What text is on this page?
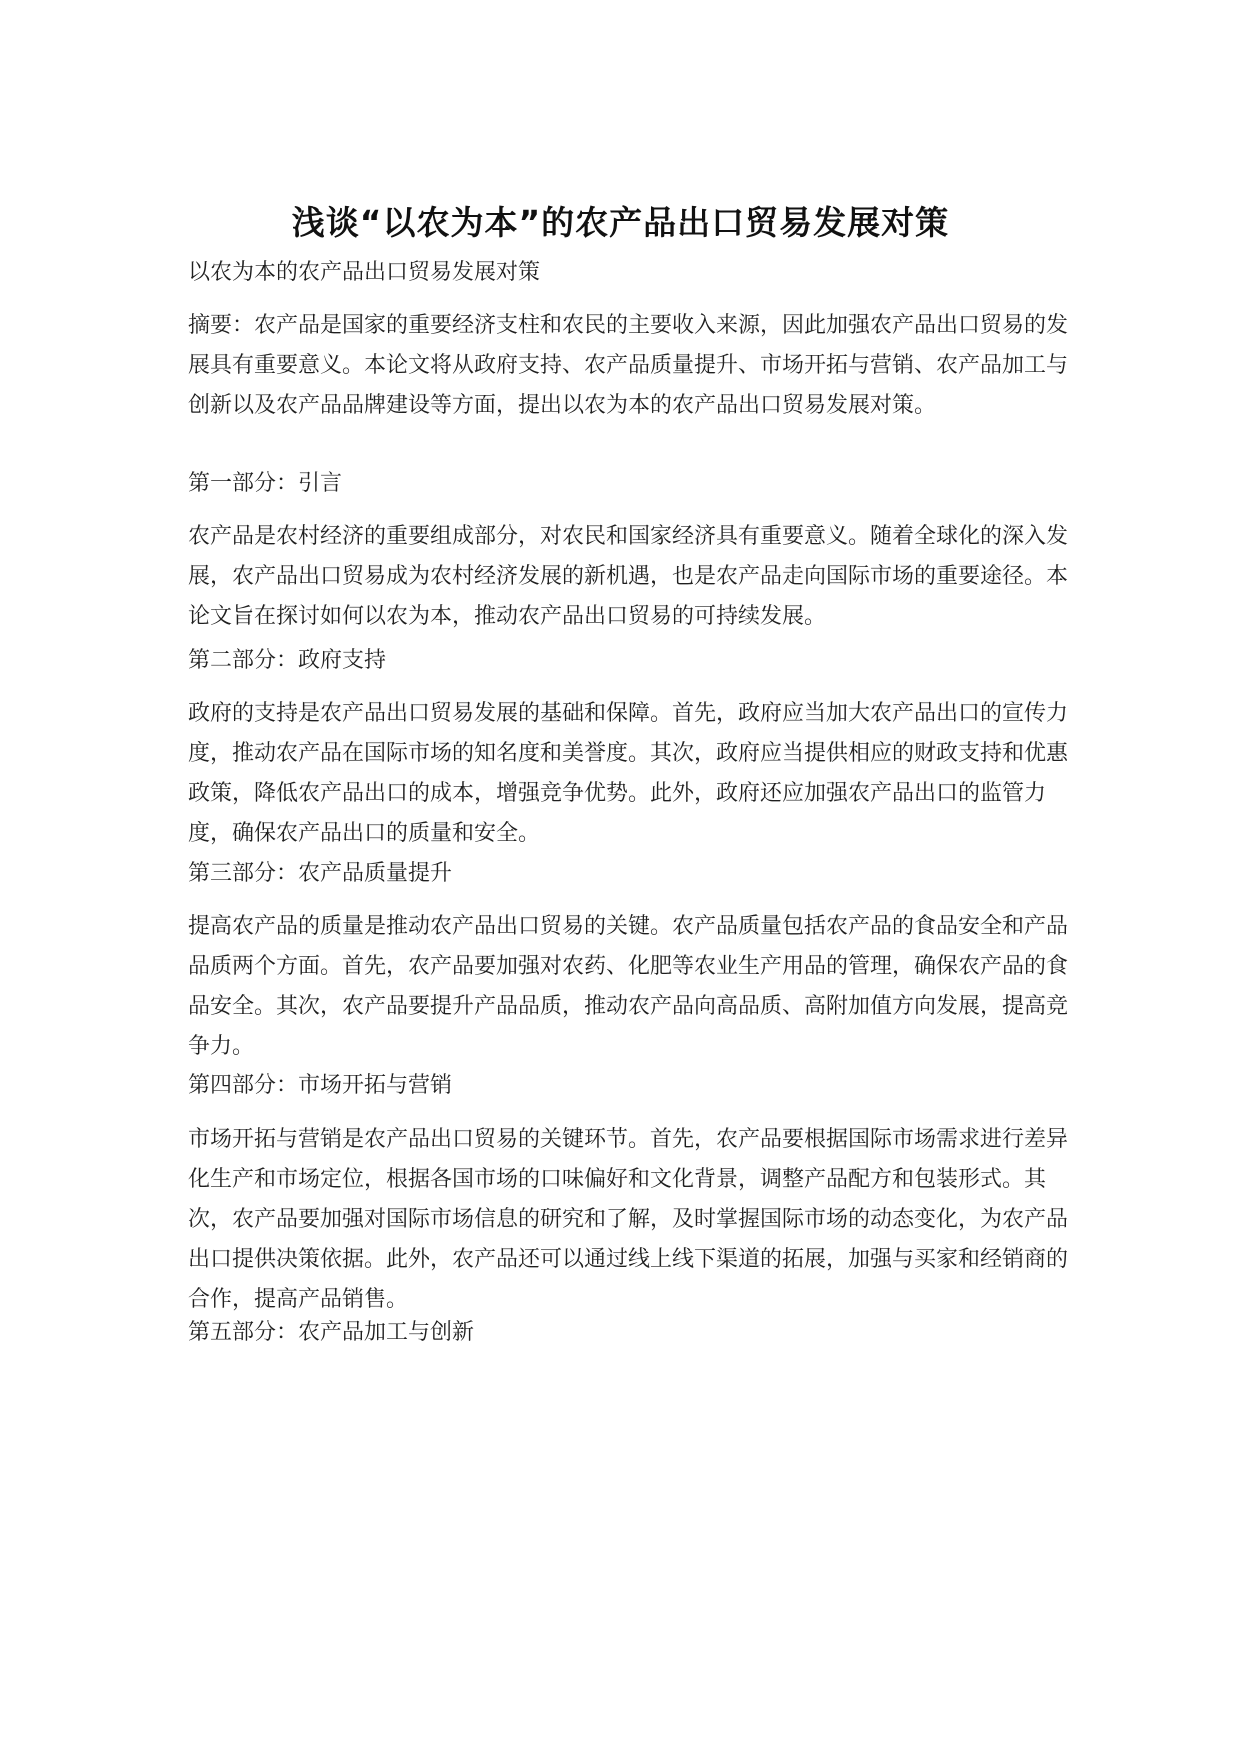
浅谈“以农为本”的农产品出口贸易发展对策

以农为本的农产品出口贸易发展对策

摘要：农产品是国家的重要经济支柱和农民的主要收入来源，因此加强农产品出口贸易的发展具有重要意义。本论文将从政府支持、农产品质量提升、市场开拓与营销、农产品加工与创新以及农产品品牌建设等方面，提出以农为本的农产品出口贸易发展对策。

第一部分：引言

农产品是农村经济的重要组成部分，对农民和国家经济具有重要意义。随着全球化的深入发展，农产品出口贸易成为农村经济发展的新机遇，也是农产品走向国际市场的重要途径。本论文旨在探讨如何以农为本，推动农产品出口贸易的可持续发展。

第二部分：政府支持

政府的支持是农产品出口贸易发展的基础和保障。首先，政府应当加大农产品出口的宣传力度，推动农产品在国际市场的知名度和美誉度。其次，政府应当提供相应的财政支持和优惠政策，降低农产品出口的成本，增强竞争优势。此外，政府还应加强农产品出口的监管力度，确保农产品出口的质量和安全。

第三部分：农产品质量提升

提高农产品的质量是推动农产品出口贸易的关键。农产品质量包括农产品的食品安全和产品品质两个方面。首先，农产品要加强对农药、化肥等农业生产用品的管理，确保农产品的食品安全。其次，农产品要提升产品品质，推动农产品向高品质、高附加值方向发展，提高竞争力。

第四部分：市场开拓与营销

市场开拓与营销是农产品出口贸易的关键环节。首先，农产品要根据国际市场需求进行差异化生产和市场定位，根据各国市场的口味偏好和文化背景，调整产品配方和包装形式。其次，农产品要加强对国际市场信息的研究和了解，及时掌握国际市场的动态变化，为农产品出口提供决策依据。此外，农产品还可以通过线上线下渠道的拓展，加强与买家和经销商的合作，提高产品销售。

第五部分：农产品加工与创新
